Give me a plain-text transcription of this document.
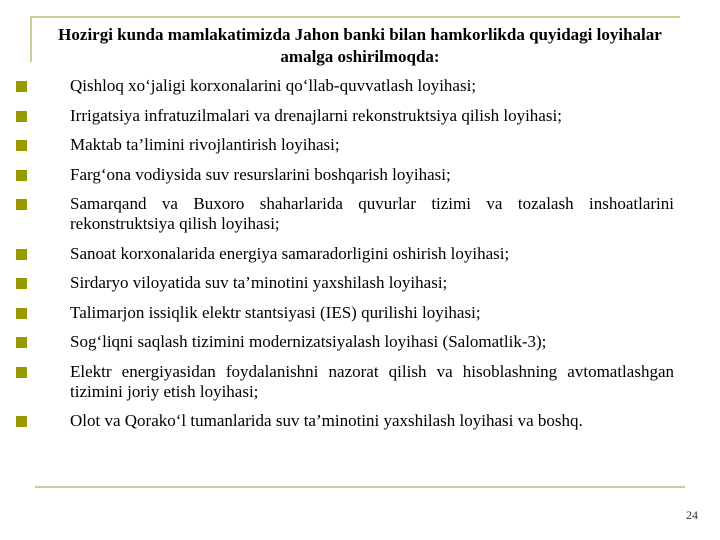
Hozirgi kunda mamlakatimizda Jahon banki bilan hamkorlikda quyidagi loyihalar amalga oshirilmoqda:
Qishloq xo‘jaligi korxonalarini qo‘llab-quvvatlash loyihasi;
Irrigatsiya infratuzilmalari va drenajlarni rekonstruktsiya qilish loyihasi;
Maktab ta’limini rivojlantirish loyihasi;
Farg‘ona vodiysida suv resurslarini boshqarish loyihasi;
Samarqand va Buxoro shaharlarida quvurlar tizimi va tozalash inshoatlarini rekonstruktsiya qilish loyihasi;
Sanoat korxonalarida energiya samaradorligini oshirish loyihasi;
Sirdaryo viloyatida suv ta’minotini yaxshilash loyihasi;
Talimarjon issiqlik elektr stantsiyasi (IES) qurilishi loyihasi;
Sog‘liqni saqlash tizimini modernizatsiyalash loyihasi (Salomatlik-3);
Elektr energiyasidan foydalanishni nazorat qilish va hisoblashning avtomatlashgan tizimini joriy etish loyihasi;
Olot va Qorako‘l tumanlarida suv ta’minotini yaxshilash loyihasi va boshq.
24
